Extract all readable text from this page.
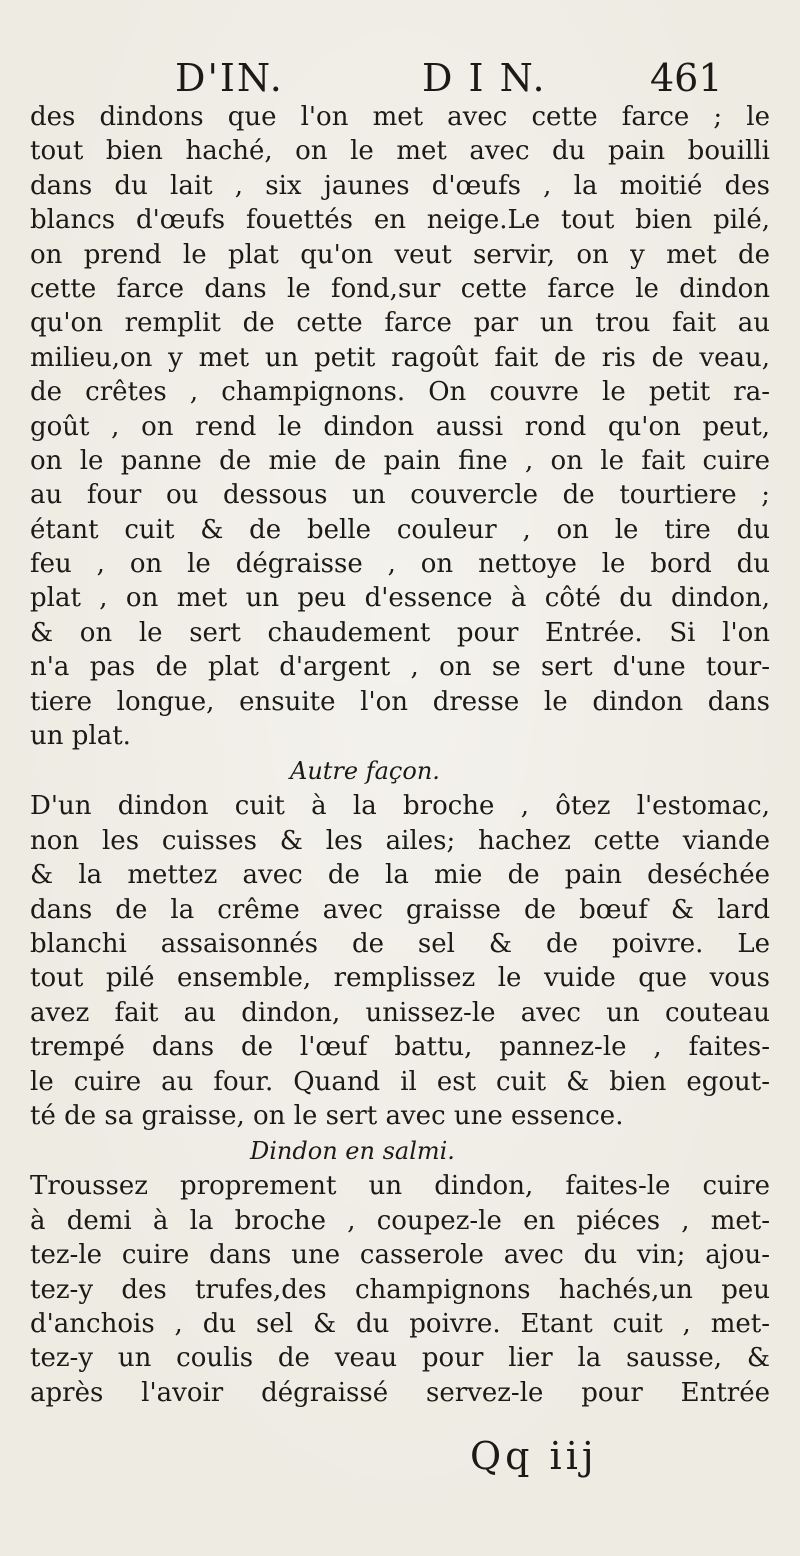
D'IN.	D I N.	461
des dindons que l'on met avec cette farce ; le
tout bien haché, on le met avec du pain bouilli
dans du lait , six jaunes d'œufs , la moitié des
blancs d'œufs fouettés en neige.Le tout bien pilé,
on prend le plat qu'on veut servir, on y met de
cette farce dans le fond,sur cette farce le dindon
qu'on remplit de cette farce par un trou fait au
milieu,on y met un petit ragoût fait de ris de veau,
de crêtes , champignons. On couvre le petit ra-
goût , on rend le dindon aussi rond qu'on peut,
on le panne de mie de pain fine , on le fait cuire
au four ou dessous un couvercle de tourtiere ;
étant cuit & de belle couleur , on le tire du
feu , on le dégraisse , on nettoye le bord du
plat , on met un peu d'essence à côté du dindon,
& on le sert chaudement pour Entrée. Si l'on
n'a pas de plat d'argent , on se sert d'une tour-
tiere longue, ensuite l'on dresse le dindon dans
un plat.
Autre façon.
D'un dindon cuit à la broche , ôtez l'estomac,
non les cuisses & les ailes; hachez cette viande
& la mettez avec de la mie de pain deséchée
dans de la crême avec graisse de bœuf & lard
blanchi assaisonnés de sel & de poivre. Le
tout pilé ensemble, remplissez le vuide que vous
avez fait au dindon, unissez-le avec un couteau
trempé dans de l'œuf battu, pannez-le , faites-
le cuire au four. Quand il est cuit & bien egout-
té de sa graisse, on le sert avec une essence.
Dindon en salmi.
Troussez proprement un dindon, faites-le cuire
à demi à la broche , coupez-le en piéces , met-
tez-le cuire dans une casserole avec du vin; ajou-
tez-y des trufes,des champignons hachés,un peu
d'anchois , du sel & du poivre. Etant cuit , met-
tez-y un coulis de veau pour lier la sausse, &
après l'avoir dégraissé servez-le pour Entrée
Qq iij
